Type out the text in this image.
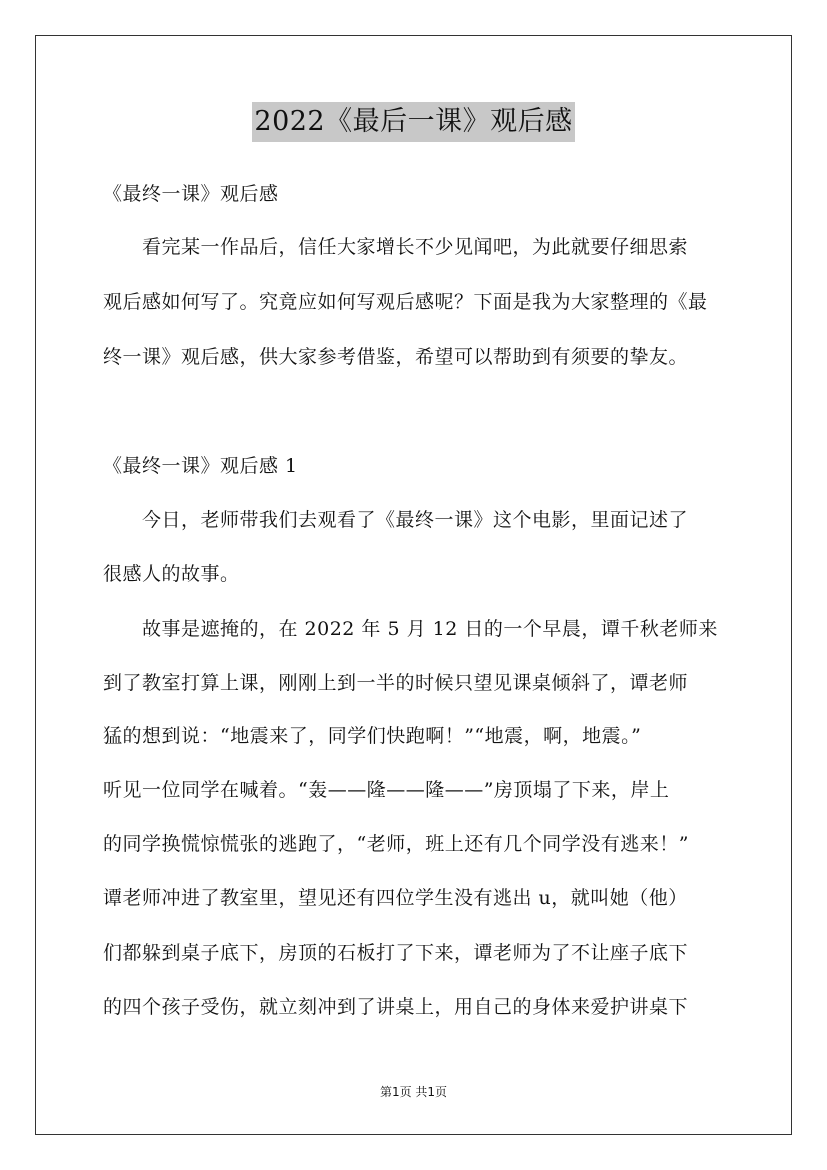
2022《最后一课》观后感
《最终一课》观后感
看完某一作品后，信任大家增长不少见闻吧，为此就要仔细思索
观后感如何写了。究竟应如何写观后感呢？下面是我为大家整理的《最
终一课》观后感，供大家参考借鉴，希望可以帮助到有须要的挚友。
《最终一课》观后感 1
今日，老师带我们去观看了《最终一课》这个电影，里面记述了
很感人的故事。
故事是遮掩的，在 2022 年 5 月 12 日的一个早晨，谭千秋老师来
到了教室打算上课，刚刚上到一半的时候只望见课桌倾斜了，谭老师
猛的想到说：“地震来了，同学们快跑啊！”“地震，啊，地震。”
听见一位同学在喊着。“轰——隆——隆——”房顶塌了下来，岸上
的同学换慌惊慌张的逃跑了，“老师，班上还有几个同学没有逃来！”
谭老师冲进了教室里，望见还有四位学生没有逃出 u，就叫她（他）
们都躲到桌子底下，房顶的石板打了下来，谭老师为了不让座子底下
的四个孩子受伤，就立刻冲到了讲桌上，用自己的身体来爱护讲桌下
第1页 共1页
